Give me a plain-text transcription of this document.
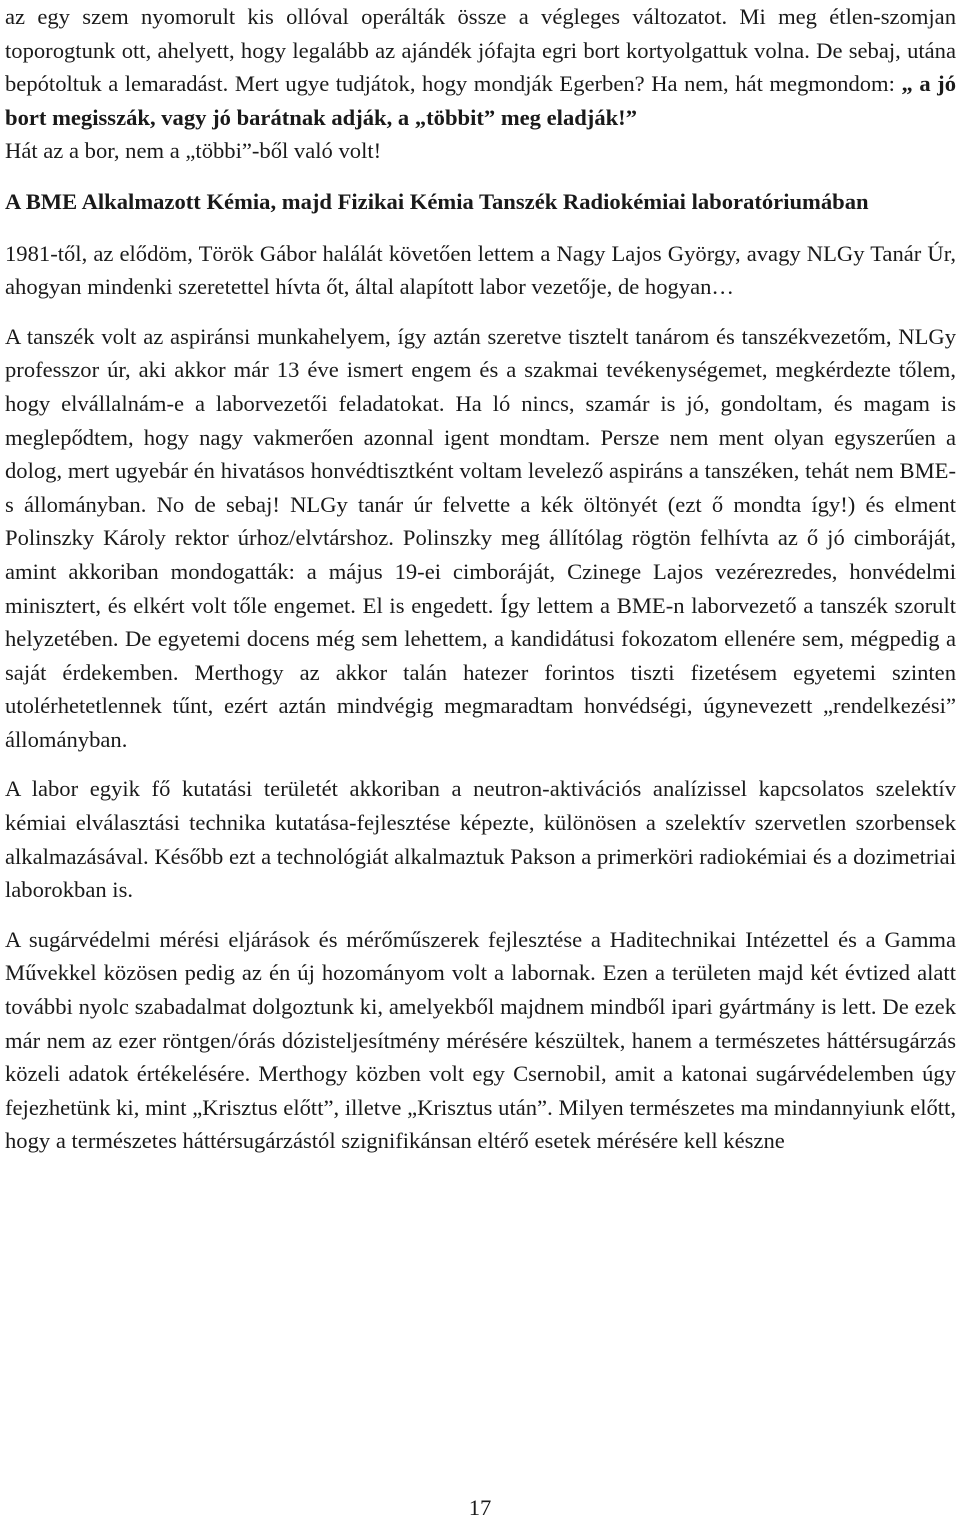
az egy szem nyomorult kis ollóval operálták össze a végleges változatot. Mi meg étlen-szomjan toporogtunk ott, ahelyett, hogy legalább az ajándék jófajta egri bort kortyolgattuk volna. De sebaj, utána bepótoltuk a lemaradást. Mert ugye tudjátok, hogy mondják Egerben? Ha nem, hát megmondom: „ a jó bort megisszák, vagy jó barátnak adják, a „többit” meg eladják!”

Hát az a bor, nem a „többi”-ből való volt!

A BME Alkalmazott Kémia, majd Fizikai Kémia Tanszék Radiokémiai laboratóriumában

1981-től, az elődöm, Török Gábor halálát követően lettem a Nagy Lajos György, avagy NLGy Tanár Úr, ahogyan mindenki szeretettel hívta őt, által alapított labor vezetője, de hogyan…

A tanszék volt az aspiránsi munkahelyem, így aztán szeretve tisztelt tanárom és tanszékvezetőm, NLGy professzor úr, aki akkor már 13 éve ismert engem és a szakmai tevékenységemet, megkérdezte tőlem, hogy elvállalnám-e a laborvezetői feladatokat. Ha ló nincs, szamár is jó, gondoltam, és magam is meglepődtem, hogy nagy vakmerően azonnal igent mondtam. Persze nem ment olyan egyszerűen a dolog, mert ugyebár én hivatásos honvédtisztként voltam levelező aspiráns a tanszéken, tehát nem BME-s állományban. No de sebaj! NLGy tanár úr felvette a kék öltönyét (ezt ő mondta így!) és elment Polinszky Károly rektor úrhoz/elvtárshoz. Polinszky meg állítólag rögtön felhívta az ő jó cimboráját, amint akkoriban mondogatták: a május 19-ei cimboráját, Czinege Lajos vezérezredes, honvédelmi minisztert, és elkért volt tőle engemet. El is engedett. Így lettem a BME-n laborvezető a tanszék szorult helyzetében. De egyetemi docens még sem lehettem, a kandidátusi fokozatom ellenére sem, mégpedig a saját érdekemben. Merthogy az akkor talán hatezer forintos tiszti fizetésem egyetemi szinten utolérhetetlennek tűnt, ezért aztán mindvégig megmaradtam honvédségi, úgynevezett „rendelkezési” állományban.

A labor egyik fő kutatási területét akkoriban a neutron-aktivációs analízissel kapcsolatos szelektív kémiai elválasztási technika kutatása-fejlesztése képezte, különösen a szelektív szervetlen szorbensek alkalmazásával. Később ezt a technológiát alkalmaztuk Pakson a primerköri radiokémiai és a dozimetriai laborokban is.

A sugárvédelmi mérési eljárások és mérőműszerek fejlesztése a Haditechnikai Intézettel és a Gamma Művekkel közösen pedig az én új hozományom volt a labornak. Ezen a területen majd két évtized alatt további nyolc szabadalmat dolgoztunk ki, amelyekből majdnem mindből ipari gyártmány is lett. De ezek már nem az ezer röntgen/órás dózisteljesítmény mérésére készültek, hanem a természetes háttérsugárzás közeli adatok értékelésére. Merthogy közben volt egy Csernobil, amit a katonai sugárvédelemben úgy fejezhetünk ki, mint „Krisztus előtt”, illetve „Krisztus után”. Milyen természetes ma mindannyiunk előtt, hogy a természetes háttérsugárzástól szignifikánsan eltérő esetek mérésére kell készne

17
